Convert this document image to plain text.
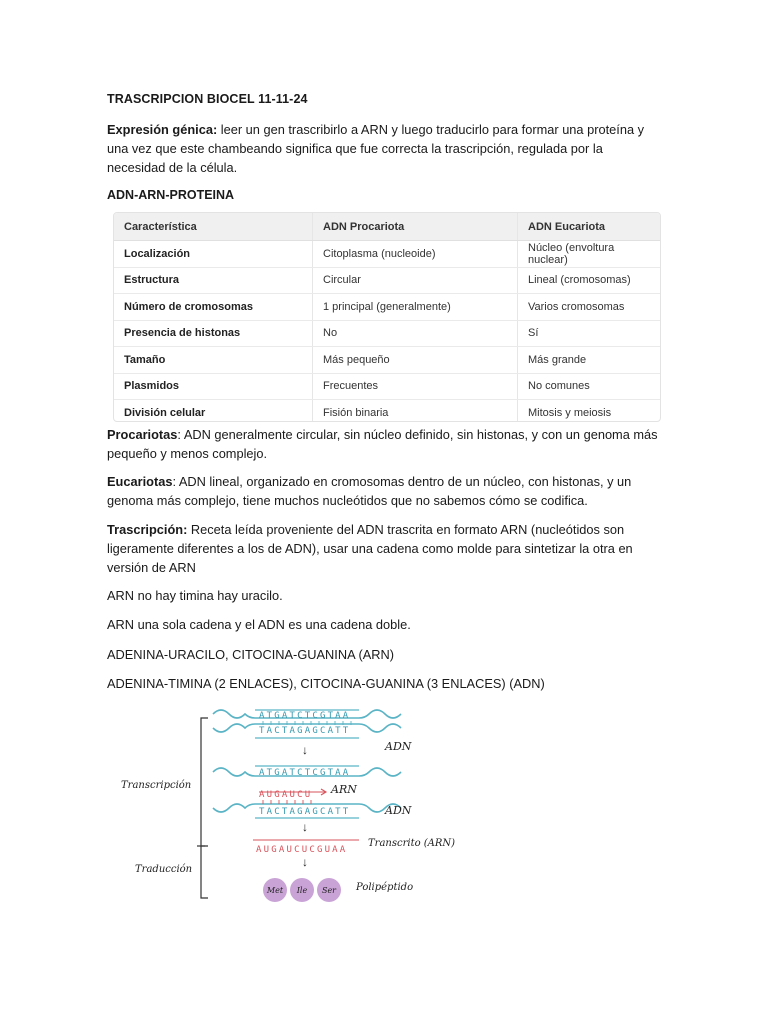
TRASCRIPCION BIOCEL 11-11-24
Expresión génica: leer un gen trascribirlo a ARN y luego traducirlo para formar una proteína y una vez que este chambeando significa que fue correcta la trascripción, regulada por la necesidad de la célula.
ADN-ARN-PROTEINA
Característica	ADN Procariota	ADN Eucariota
Localización	Citoplasma (nucleoide)	Núcleo (envoltura nuclear)
Estructura	Circular	Lineal (cromosomas)
Número de cromosomas	1 principal (generalmente)	Varios cromosomas
Presencia de histonas	No	Sí
Tamaño	Más pequeño	Más grande
Plasmidos	Frecuentes	No comunes
División celular	Fisión binaria	Mitosis y meiosis
Procariotas: ADN generalmente circular, sin núcleo definido, sin histonas, y con un genoma más pequeño y menos complejo.
Eucariotas: ADN lineal, organizado en cromosomas dentro de un núcleo, con histonas, y un genoma más complejo, tiene muchos nucleótidos que no sabemos cómo se codifica.
Trascripción: Receta leída proveniente del ADN trascrita en formato ARN (nucleótidos son ligeramente diferentes a los de ADN), usar una cadena como molde para sintetizar la otra en versión de ARN
ARN no hay timina hay uracilo.
ARN una sola cadena y el ADN es una cadena doble.
ADENINA-URACILO, CITOCINA-GUANINA (ARN)
ADENINA-TIMINA (2 ENLACES), CITOCINA-GUANINA (3 ENLACES) (ADN)
ATGATCTCGTAA
TACTAGAGCATT
ADN
↓
ATGATCTCGTAA
AUGAUCU
TACTAGAGCATT
ARN
ADN
Transcripción
↓
AUGAUCUCGUAA
Transcrito (ARN)
Traducción
↓
Met Ile Ser Polipéptido
